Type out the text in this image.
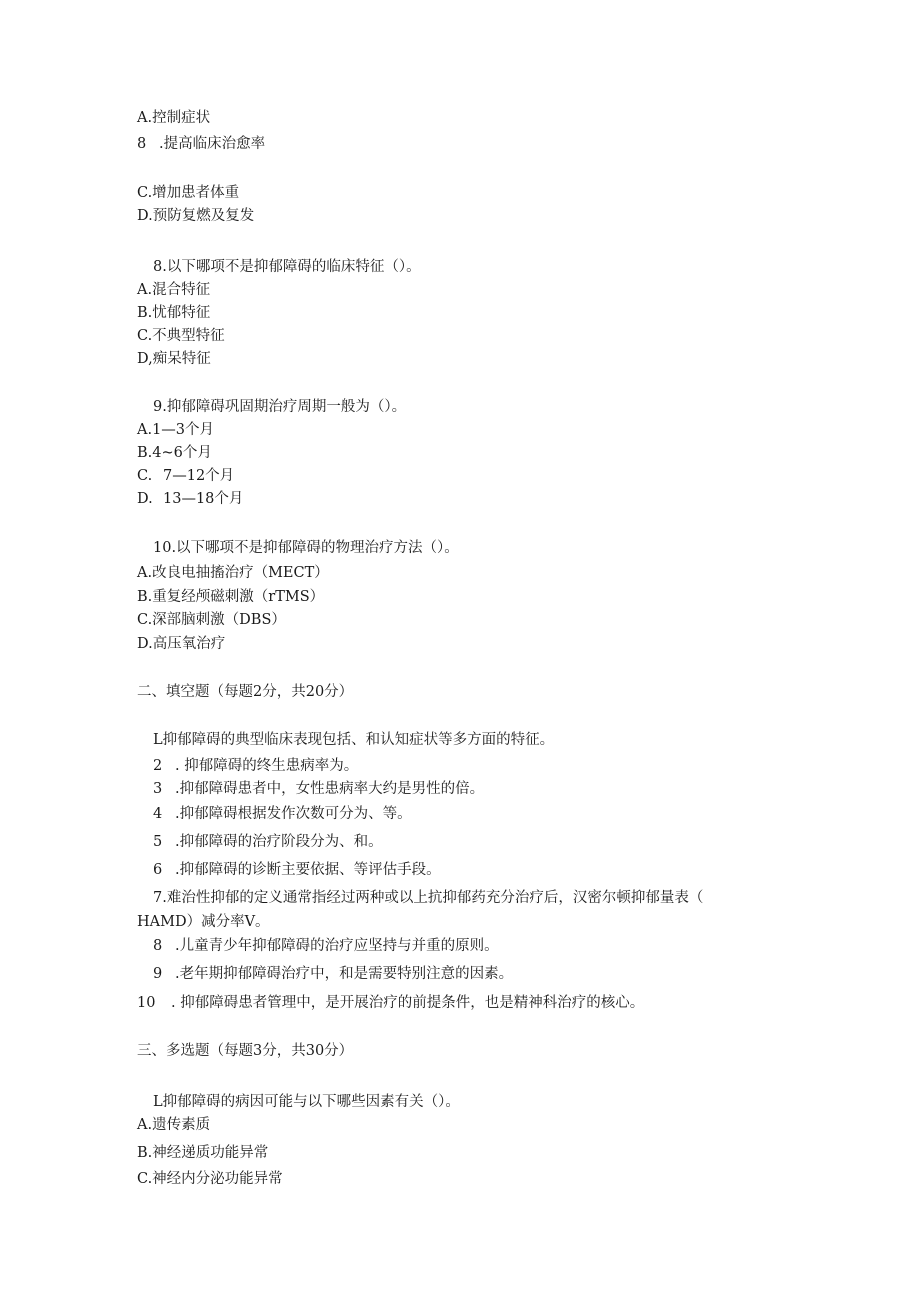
A.控制症状
8 .提高临床治愈率
C.增加患者体重
D.预防复燃及复发
8.以下哪项不是抑郁障碍的临床特征（）。
A.混合特征
B.忧郁特征
C.不典型特征
D,痴呆特征
9.抑郁障碍巩固期治疗周期一般为（）。
A.1—3个月
B.4~6个月
C. 7—12个月
D. 13—18个月
10.以下哪项不是抑郁障碍的物理治疗方法（）。
A.改良电抽搐治疗（MECT）
B.重复经颅磁刺激（rTMS）
C.深部脑刺激（DBS）
D.高压氧治疗
二、填空题（每题2分，共20分）
L抑郁障碍的典型临床表现包括、和认知症状等多方面的特征。
2 . 抑郁障碍的终生患病率为。
3 .抑郁障碍患者中，女性患病率大约是男性的倍。
4 .抑郁障碍根据发作次数可分为、等。
5 .抑郁障碍的治疗阶段分为、和。
6 .抑郁障碍的诊断主要依据、等评估手段。
7.难治性抑郁的定义通常指经过两种或以上抗抑郁药充分治疗后，汉密尔顿抑郁量表（
HAMD）减分率V。
8 .儿童青少年抑郁障碍的治疗应坚持与并重的原则。
9 .老年期抑郁障碍治疗中，和是需要特别注意的因素。
10 . 抑郁障碍患者管理中，是开展治疗的前提条件，也是精神科治疗的核心。
三、多选题（每题3分，共30分）
L抑郁障碍的病因可能与以下哪些因素有关（）。
A.遗传素质
B.神经递质功能异常
C.神经内分泌功能异常
